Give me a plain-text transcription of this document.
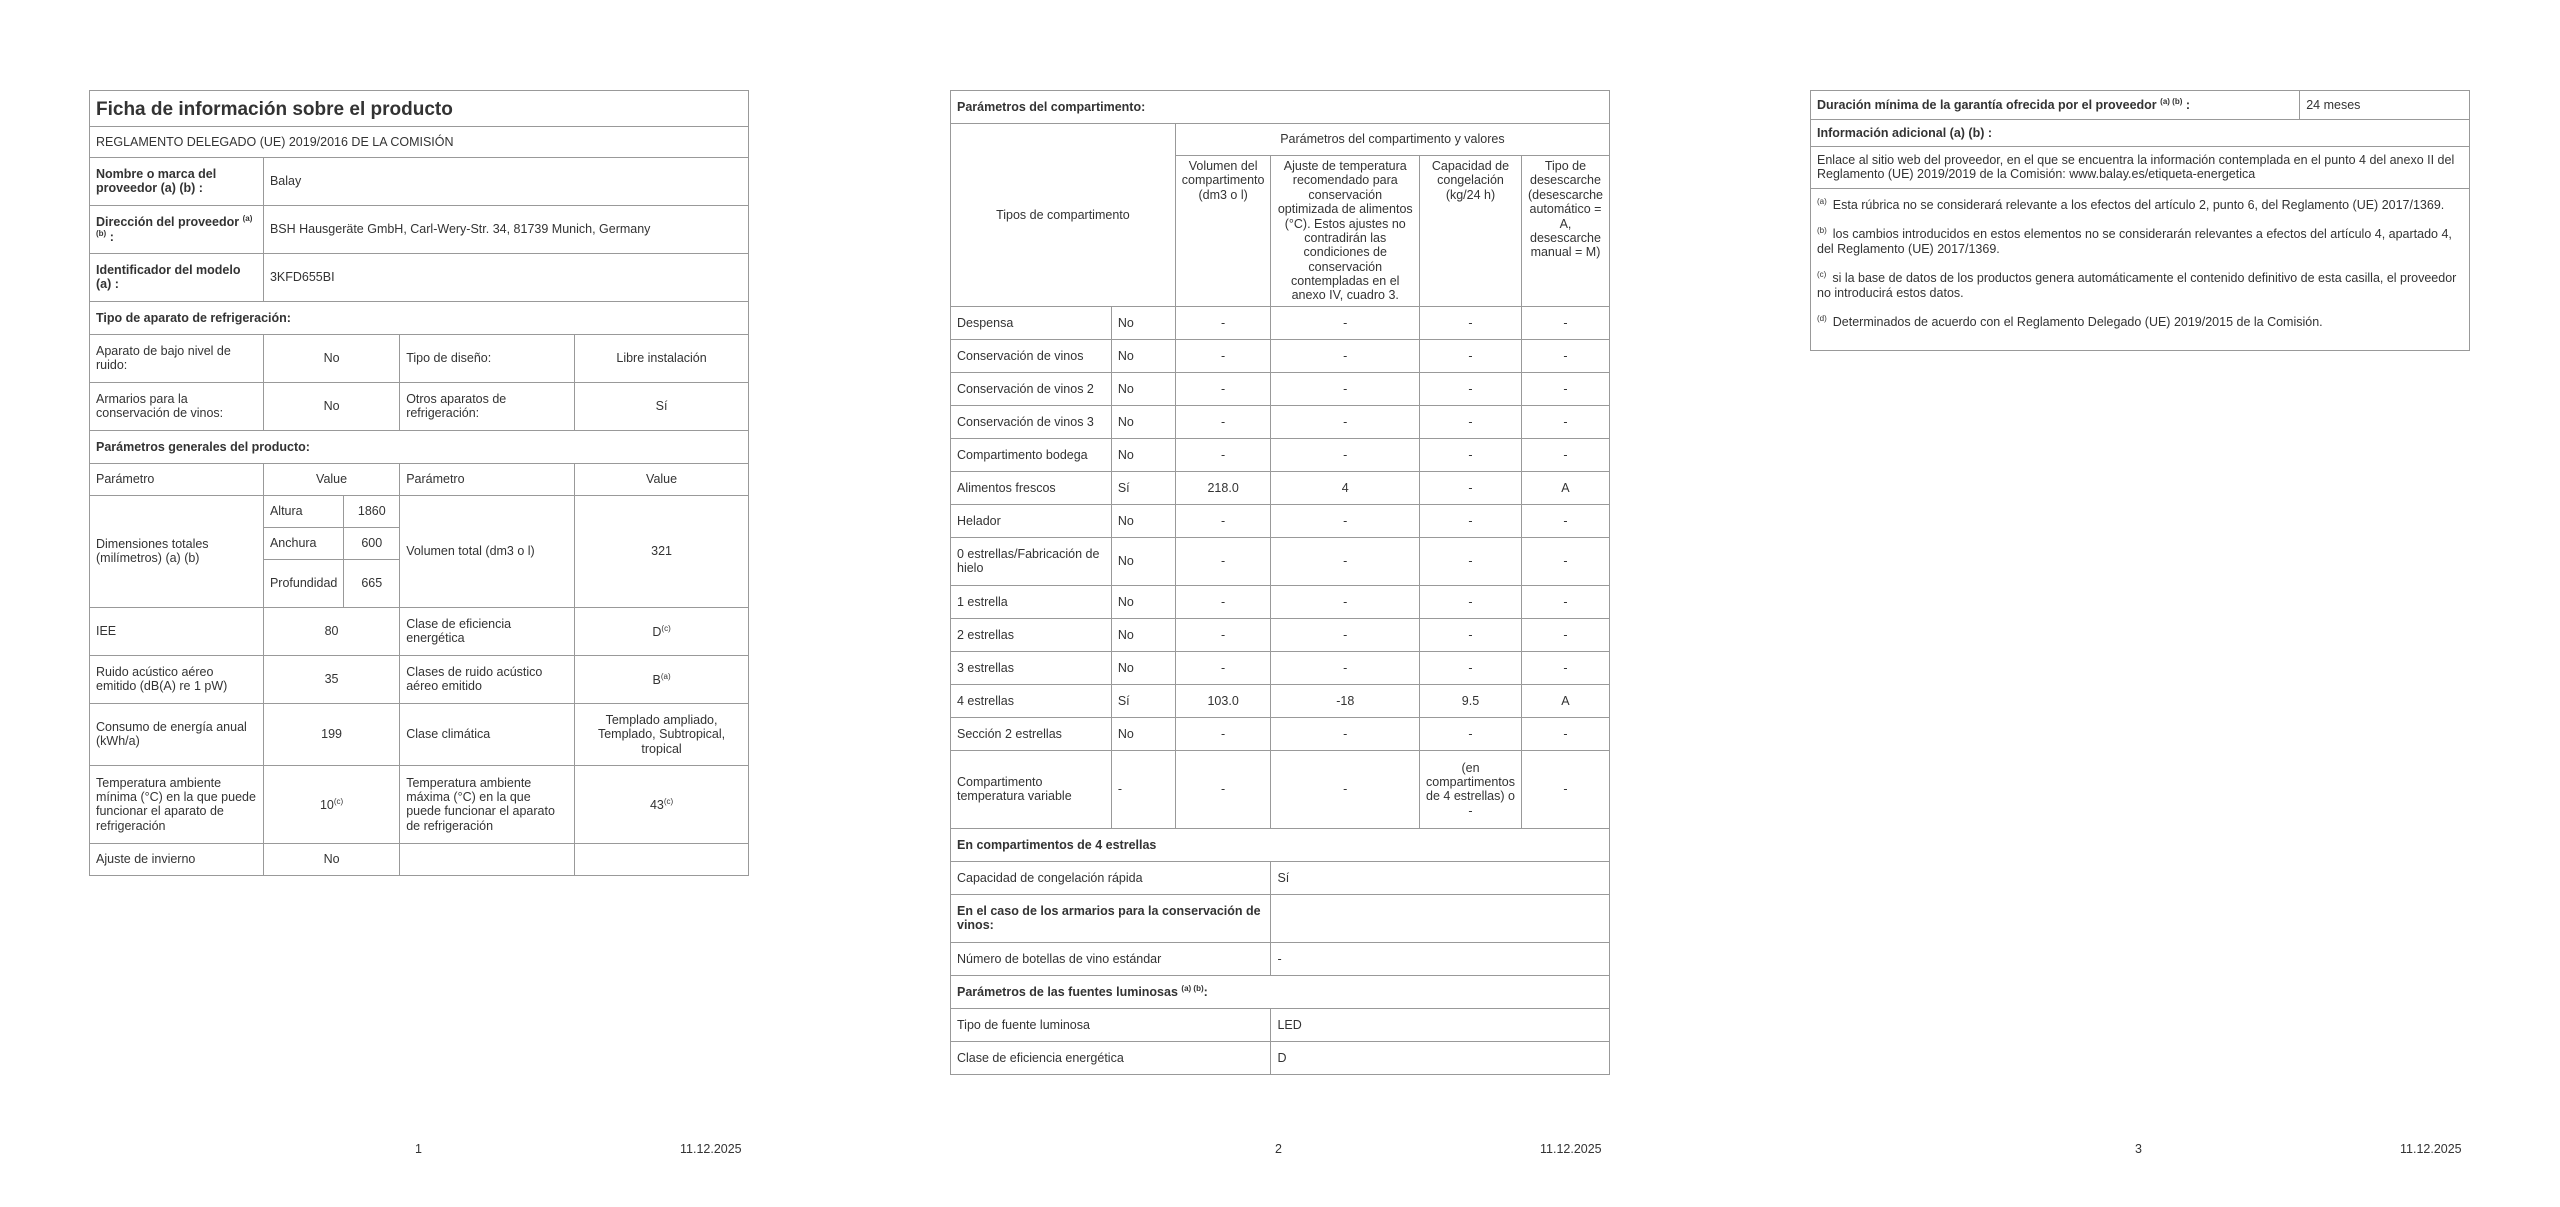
Ficha de información sobre el producto				
REGLAMENTO DELEGADO (UE) 2019/2016 DE LA COMISIÓN				
Nombre o marca del proveedor (a) (b) :	Balay			
Dirección del proveedor $^{(a) (b)}$ :	BSH Hausgeräte GmbH, Carl-Wery-Str. 34, 81739 Munich, Germany			
Identificador del modelo (a) :	3KFD655BI			
Tipo de aparato de refrigeración:				
Aparato de bajo nivel de ruido:	No		Tipo de diseño:	Libre instalación
Armarios para la conservación de vinos:	No		Otros aparatos de refrigeración:	Sí
Parámetros generales del producto:				
Parámetro	Value		Parámetro	Value
Dimensiones totales (milímetros) (a) (b)	Altura	1860	Volumen total (dm3 o l)	321
	Anchura	600		
	Profundidad	665		
IEE	80		Clase de eficiencia energética	$D^{(c)}$
Ruido acústico aéreo emitido (dB(A) re 1 pW)	35		Clases de ruido acústico aéreo emitido	$B^{(a)}$
Consumo de energía anual (kWh/a)	199		Clase climática	Templado ampliado, Templado, Subtropical, tropical
Temperatura ambiente mínima (°C) en la que puede funcionar el aparato de refrigeración	10$^{(c)}$		Temperatura ambiente máxima (°C) en la que puede funcionar el aparato de refrigeración	43$^{(c)}$
Ajuste de invierno	No			
Parámetros del compartimento:					
Tipos de compartimento		Parámetros del compartimento y valores			
		Volumen del compartimento (dm3 o l)	Ajuste de temperatura recomendado para conservación optimizada de alimentos (°C). Estos ajustes no contradirán las condiciones de conservación contempladas en el anexo IV, cuadro 3.	Capacidad de congelación (kg/24 h)	Tipo de desescarche (desescarche automático = A, desescarche manual = M)
Despensa	No	-	-	-	-
Conservación de vinos	No	-	-	-	-
Conservación de vinos 2	No	-	-	-	-
Conservación de vinos 3	No	-	-	-	-
Compartimento bodega	No	-	-	-	-
Alimentos frescos	Sí	218.0	4	-	A
Helador	No	-	-	-	-
0 estrellas/Fabricación de hielo	No	-	-	-	-
1 estrella	No	-	-	-	-
2 estrellas	No	-	-	-	-
3 estrellas	No	-	-	-	-
4 estrellas	Sí	103.0	-18	9.5	A
Sección 2 estrellas	No	-	-	-	-
Compartimento temperatura variable	-	-	-	(en compartimentos de 4 estrellas) o -	-
En compartimentos de 4 estrellas					
Capacidad de congelación rápida			Sí		
En el caso de los armarios para la conservación de vinos:					
Número de botellas de vino estándar			-		
Parámetros de las fuentes luminosas $^{(a) (b)}$:					
Tipo de fuente luminosa			LED		
Clase de eficiencia energética			D		
Duración mínima de la garantía ofrecida por el proveedor $^{(a) (b)}$ :	24 meses
Información adicional (a) (b) :
Enlace al sitio web del proveedor, en el que se encuentra la información contemplada en el punto 4 del anexo II del Reglamento (UE) 2019/2019 de la Comisión: www.balay.es/etiqueta-energetica

$^{(a)}$ Esta rúbrica no se considerará relevante a los efectos del artículo 2, punto 6, del Reglamento (UE) 2017/1369.
$^{(b)}$ los cambios introducidos en estos elementos no se considerarán relevantes a efectos del artículo 4, apartado 4, del Reglamento (UE) 2017/1369.
$^{(c)}$ si la base de datos de los productos genera automáticamente el contenido definitivo de esta casilla, el proveedor no introducirá estos datos.
$^{(d)}$ Determinados de acuerdo con el Reglamento Delegado (UE) 2019/2015 de la Comisión.
1	11.12.2025	2	11.12.2025	3	11.12.2025
